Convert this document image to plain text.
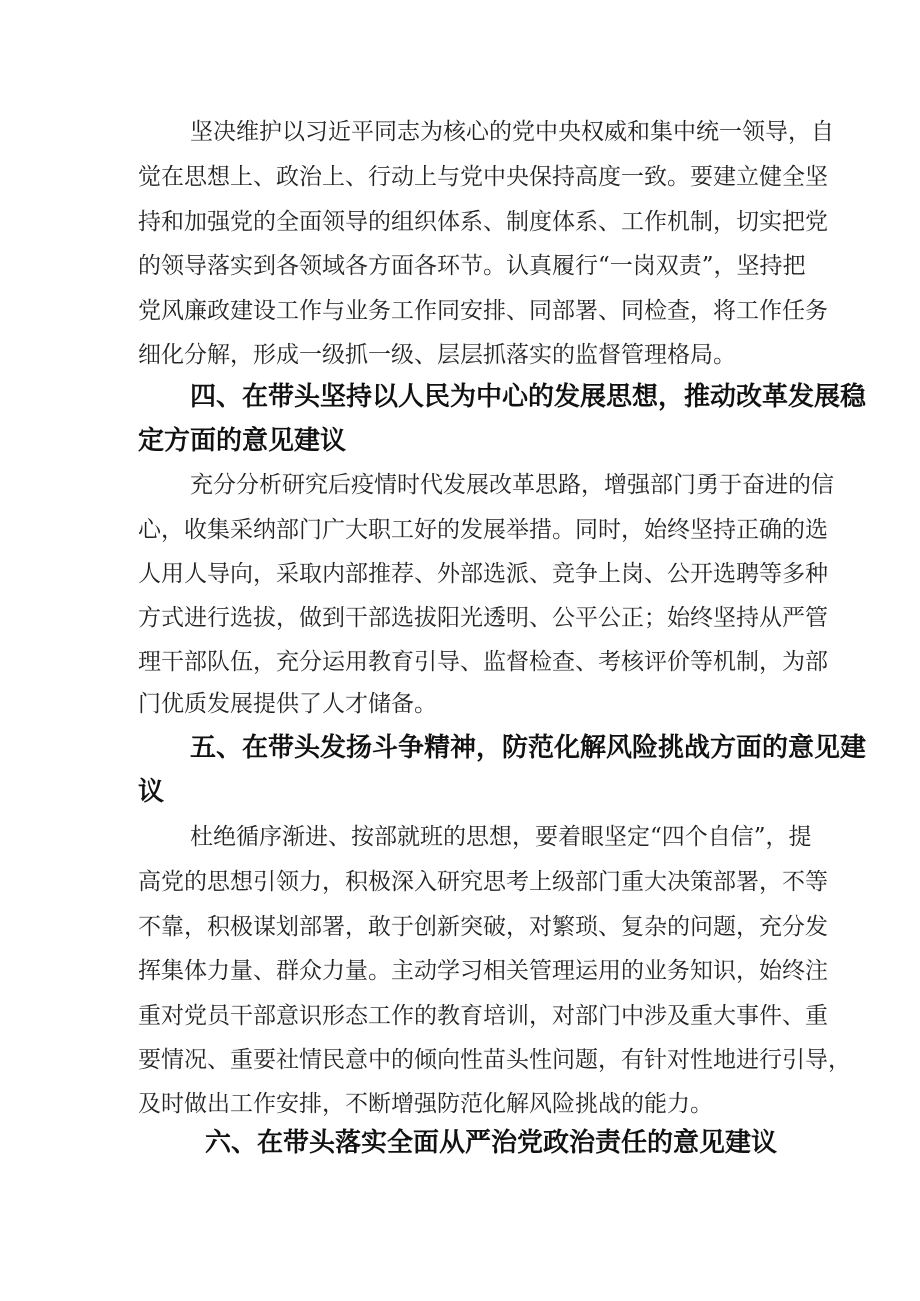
坚决维护以习近平同志为核心的党中央权威和集中统一领导，自
觉在思想上、政治上、行动上与党中央保持高度一致。要建立健全坚
持和加强党的全面领导的组织体系、制度体系、工作机制，切实把党
的领导落实到各领域各方面各环节。认真履行“一岗双责”，坚持把
党风廉政建设工作与业务工作同安排、同部署、同检查，将工作任务
细化分解，形成一级抓一级、层层抓落实的监督管理格局。
四、在带头坚持以人民为中心的发展思想，推动改革发展稳
定方面的意见建议
充分分析研究后疫情时代发展改革思路，增强部门勇于奋进的信
心，收集采纳部门广大职工好的发展举措。同时，始终坚持正确的选
人用人导向，采取内部推荐、外部选派、竞争上岗、公开选聘等多种
方式进行选拔，做到干部选拔阳光透明、公平公正；始终坚持从严管
理干部队伍，充分运用教育引导、监督检查、考核评价等机制，为部
门优质发展提供了人才储备。
五、在带头发扬斗争精神，防范化解风险挑战方面的意见建
议
杜绝循序渐进、按部就班的思想，要着眼坚定“四个自信”，提
高党的思想引领力，积极深入研究思考上级部门重大决策部署，不等
不靠，积极谋划部署，敢于创新突破，对繁琐、复杂的问题，充分发
挥集体力量、群众力量。主动学习相关管理运用的业务知识，始终注
重对党员干部意识形态工作的教育培训，对部门中涉及重大事件、重
要情况、重要社情民意中的倾向性苗头性问题，有针对性地进行引导，
及时做出工作安排，不断增强防范化解风险挑战的能力。
六、在带头落实全面从严治党政治责任的意见建议
